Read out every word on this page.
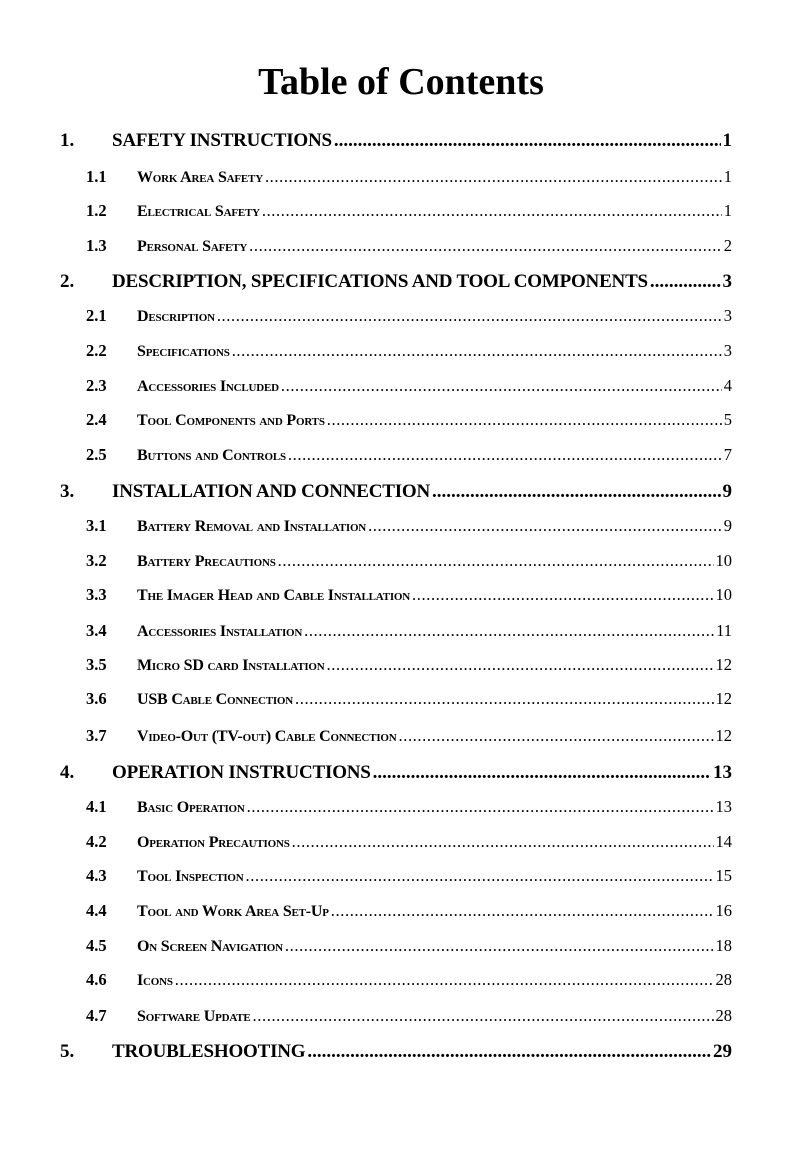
Table of Contents
1.	SAFETY INSTRUCTIONS .....	1
1.1	Work Area Safety .....	1
1.2	Electrical Safety .....	1
1.3	Personal Safety .....	2
2.	DESCRIPTION, SPECIFICATIONS AND TOOL COMPONENTS .....	3
2.1	Description .....	3
2.2	Specifications .....	3
2.3	Accessories Included .....	4
2.4	Tool Components and Ports .....	5
2.5	Buttons and Controls .....	7
3.	INSTALLATION AND CONNECTION .....	9
3.1	Battery Removal and Installation .....	9
3.2	Battery Precautions .....	10
3.3	The Imager Head and Cable Installation .....	10
3.4	Accessories Installation .....	11
3.5	Micro SD card Installation .....	12
3.6	USB Cable Connection .....	12
3.7	Video-Out (TV-out) Cable Connection .....	12
4.	OPERATION INSTRUCTIONS .....	13
4.1	Basic Operation .....	13
4.2	Operation Precautions .....	14
4.3	Tool Inspection .....	15
4.4	Tool and Work Area Set-Up .....	16
4.5	On Screen Navigation .....	18
4.6	Icons .....	28
4.7	Software Update .....	28
5.	TROUBLESHOOTING .....	29
